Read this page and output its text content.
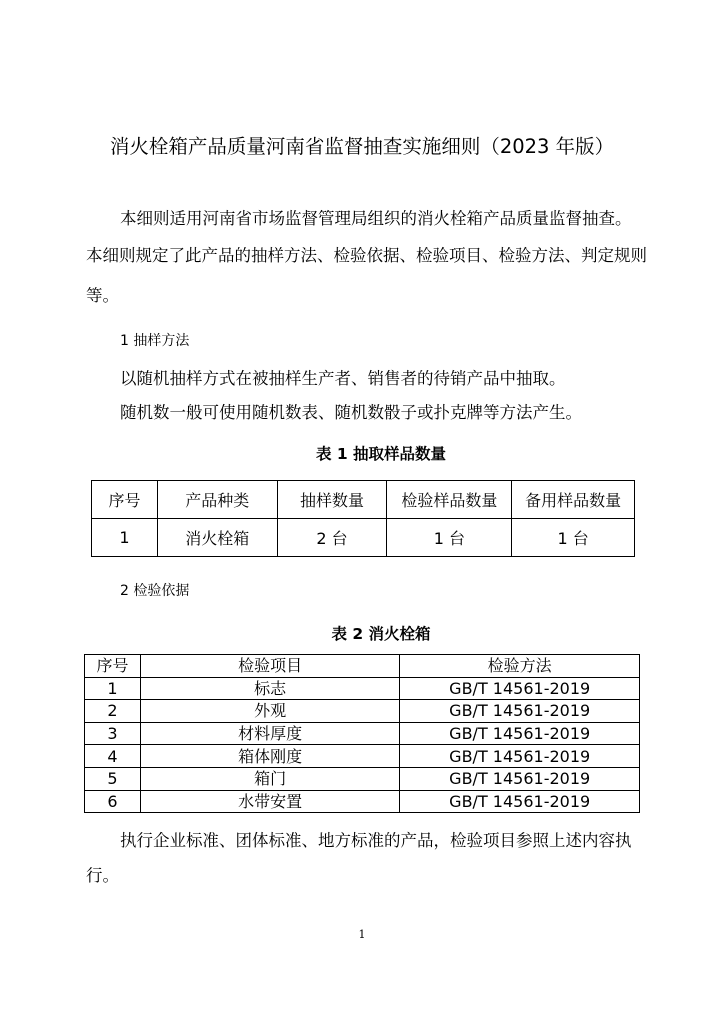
消火栓箱产品质量河南省监督抽查实施细则（2023 年版）
本细则适用河南省市场监督管理局组织的消火栓箱产品质量监督抽查。
本细则规定了此产品的抽样方法、检验依据、检验项目、检验方法、判定规则
等。
1 抽样方法
以随机抽样方式在被抽样生产者、销售者的待销产品中抽取。
随机数一般可使用随机数表、随机数骰子或扑克牌等方法产生。
表 1 抽取样品数量
序号	产品种类	抽样数量	检验样品数量	备用样品数量
1	消火栓箱	2 台	1 台	1 台
2 检验依据
表 2 消火栓箱
序号	检验项目	检验方法
1	标志	GB/T 14561-2019
2	外观	GB/T 14561-2019
3	材料厚度	GB/T 14561-2019
4	箱体刚度	GB/T 14561-2019
5	箱门	GB/T 14561-2019
6	水带安置	GB/T 14561-2019
执行企业标准、团体标准、地方标准的产品，检验项目参照上述内容执
行。
1
